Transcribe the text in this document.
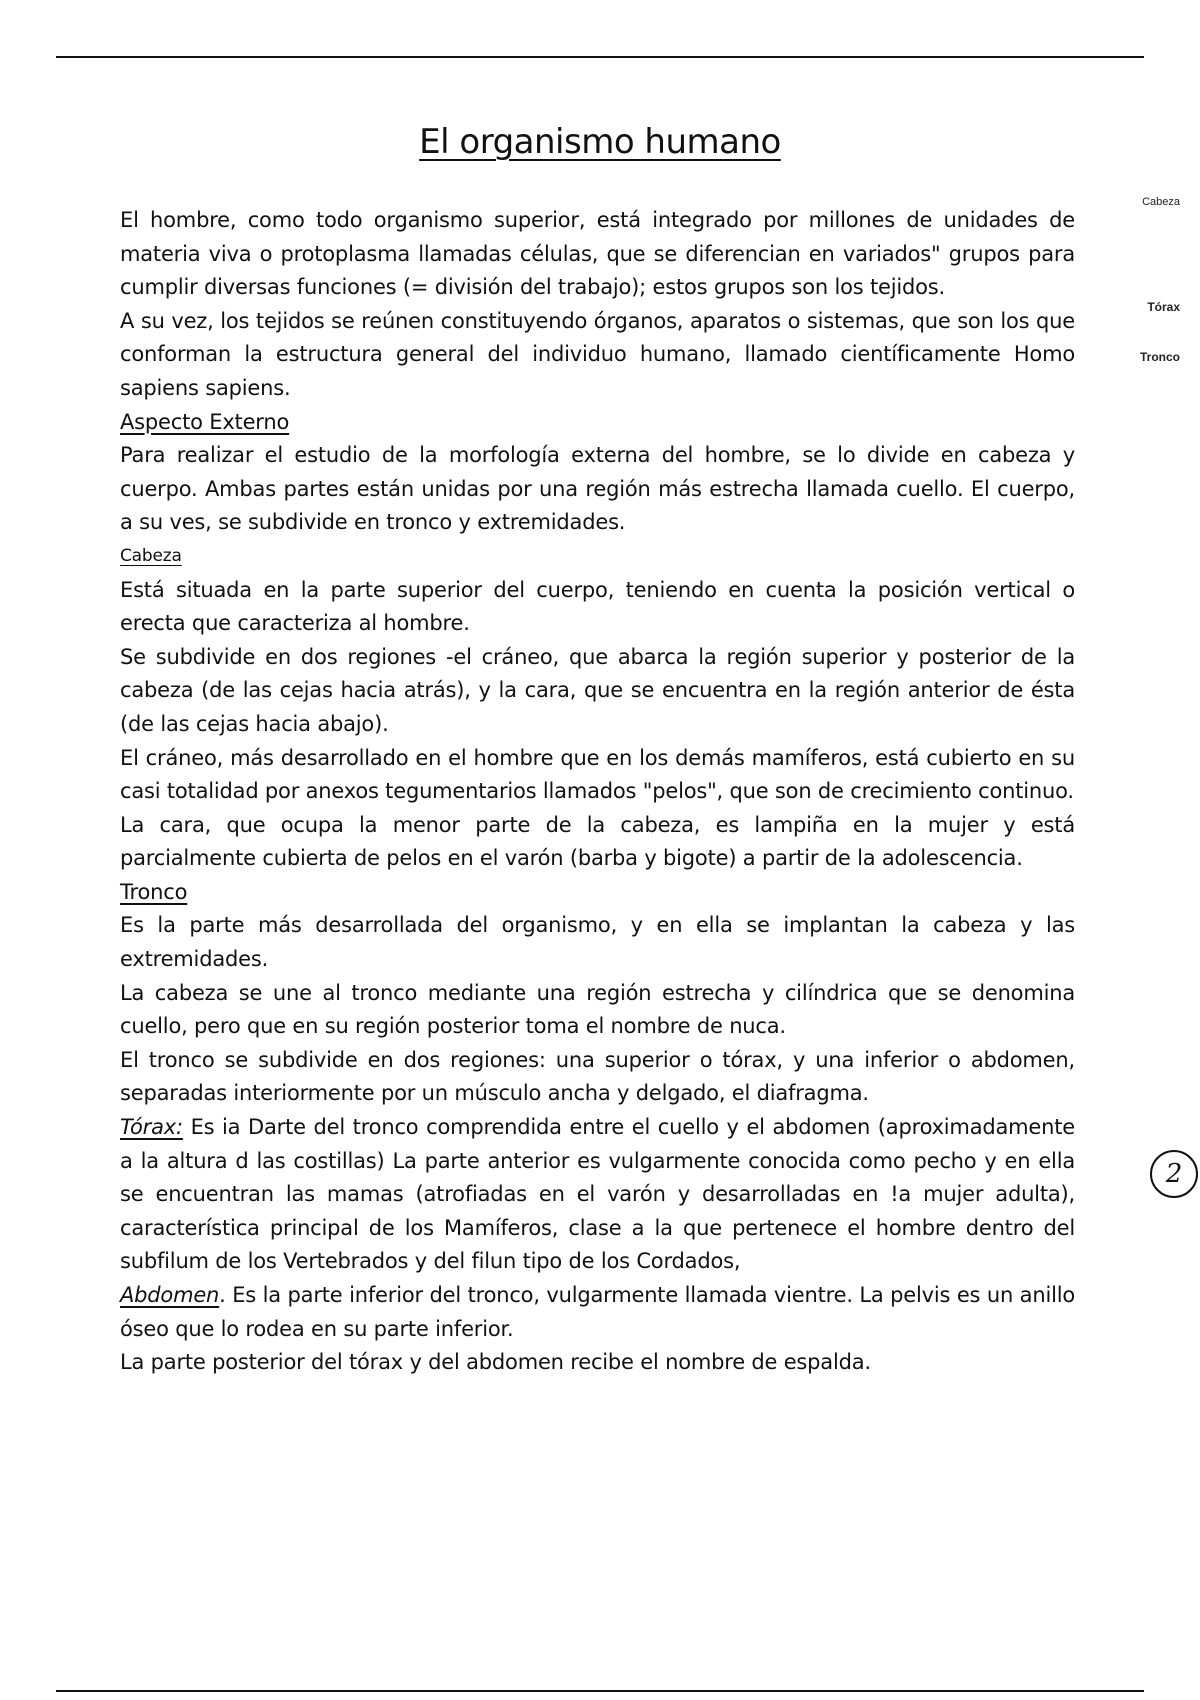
El organismo humano
Cabeza
Tórax
Tronco
2

El hombre, como todo organismo superior, está integrado por millones de unidades de materia viva o protoplasma llamadas células, que se diferencian en variados" grupos para cumplir diversas funciones (= división del trabajo); estos grupos son los tejidos.

A su vez, los tejidos se reúnen constituyendo órganos, aparatos o sistemas, que son los que conforman la estructura general del individuo humano, llamado científicamente Homo sapiens sapiens.

Aspecto Externo

Para realizar el estudio de la morfología externa del hombre, se lo divide en cabeza y cuerpo. Ambas partes están unidas por una región más estrecha llamada cuello. El cuerpo, a su ves, se subdivide en tronco y extremidades.

Cabeza

Está situada en la parte superior del cuerpo, teniendo en cuenta la posición vertical o erecta que caracteriza al hombre.

Se subdivide en dos regiones -el cráneo, que abarca la región superior y posterior de la cabeza (de las cejas hacia atrás), y la cara, que se encuentra en la región anterior de ésta (de las cejas hacia abajo).

El cráneo, más desarrollado en el hombre que en los demás mamíferos, está cubierto en su casi totalidad por anexos tegumentarios llamados "pelos", que son de crecimiento continuo.

La cara, que ocupa la menor parte de la cabeza, es lampiña en la mujer y está parcialmente cubierta de pelos en el varón (barba y bigote) a partir de la adolescencia.

Tronco

Es la parte más desarrollada del organismo, y en ella se implantan la cabeza y las extremidades.

La cabeza se une al tronco mediante una región estrecha y cilíndrica que se denomina cuello, pero que en su región posterior toma el nombre de nuca.

El tronco se subdivide en dos regiones: una superior o tórax, y una inferior o abdomen, separadas interiormente por un músculo ancha y delgado, el diafragma.

Tórax: Es ia Darte del tronco comprendida entre el cuello y el abdomen (aproximadamente a la altura d las costillas) La parte anterior es vulgarmente conocida como pecho y en ella se encuentran las mamas (atrofiadas en el varón y desarrolladas en !a mujer adulta), característica principal de los Mamíferos, clase a la que pertenece el hombre dentro del subfilum de los Vertebrados y del filun tipo de los Cordados,

Abdomen. Es la parte inferior del tronco, vulgarmente llamada vientre. La pelvis es un anillo óseo que lo rodea en su parte inferior.

La parte posterior del tórax y del abdomen recibe el nombre de espalda.
